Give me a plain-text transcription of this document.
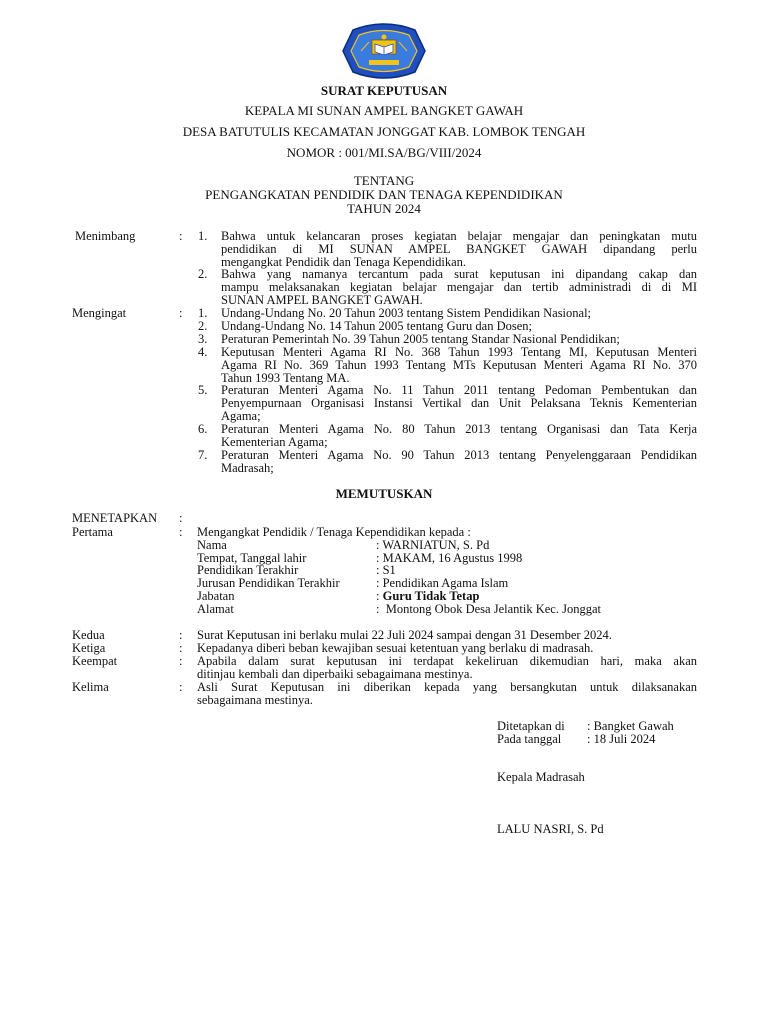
SURAT KEPUTUSAN
KEPALA MI SUNAN AMPEL BANGKET GAWAH
DESA BATUTULIS KECAMATAN JONGGAT KAB. LOMBOK TENGAH
NOMOR : 001/MI.SA/BG/VIII/2024
TENTANG
PENGANGKATAN PENDIDIK DAN TENAGA KEPENDIDIKAN
TAHUN 2024
Menimbang	: 1. Bahwa untuk kelancaran proses kegiatan belajar mengajar dan peningkatan mutu
pendidikan di MI SUNAN AMPEL BANGKET GAWAH dipandang perlu
mengangkat Pendidik dan Tenaga Kependidikan.
2. Bahwa yang namanya tercantum pada surat keputusan ini dipandang cakap dan
mampu melaksanakan kegiatan belajar mengajar dan tertib administradi di di MI
SUNAN AMPEL BANGKET GAWAH.
Mengingat	: 1. Undang-Undang No. 20 Tahun 2003 tentang Sistem Pendidikan Nasional;
2. Undang-Undang No. 14 Tahun 2005 tentang Guru dan Dosen;
3. Peraturan Pemerintah No. 39 Tahun 2005 tentang Standar Nasional Pendidikan;
4. Keputusan Menteri Agama RI No. 368 Tahun 1993 Tentang MI, Keputusan Menteri
Agama RI No. 369 Tahun 1993 Tentang MTs Keputusan Menteri Agama RI No. 370
Tahun 1993 Tentang MA.
5. Peraturan Menteri Agama No. 11 Tahun 2011 tentang Pedoman Pembentukan dan
Penyempurnaan Organisasi Instansi Vertikal dan Unit Pelaksana Teknis Kementerian
Agama;
6. Peraturan Menteri Agama No. 80 Tahun 2013 tentang Organisasi dan Tata Kerja
Kementerian Agama;
7. Peraturan Menteri Agama No. 90 Tahun 2013 tentang Penyelenggaraan Pendidikan
Madrasah;
MEMUTUSKAN
MENETAPKAN :
Pertama	: Mengangkat Pendidik / Tenaga Kependidikan kepada :
Nama	: WARNIATUN, S. Pd
Tempat, Tanggal lahir	: MAKAM, 16 Agustus 1998
Pendidikan Terakhir	: S1
Jurusan Pendidikan Terakhir	: Pendidikan Agama Islam
Jabatan	: Guru Tidak Tetap
Alamat	:  Montong Obok Desa Jelantik Kec. Jonggat
Kedua	: Surat Keputusan ini berlaku mulai 22 Juli 2024 sampai dengan 31 Desember 2024.
Ketiga	: Kepadanya diberi beban kewajiban sesuai ketentuan yang berlaku di madrasah.
Keempat	: Apabila dalam surat keputusan ini terdapat kekeliruan dikemudian hari, maka akan
ditinjau kembali dan diperbaiki sebagaimana mestinya.
Kelima	: Asli Surat Keputusan ini diberikan kepada yang bersangkutan untuk dilaksanakan
sebagaimana mestinya.
Ditetapkan di : Bangket Gawah
Pada tanggal : 18 Juli 2024
Kepala Madrasah
LALU NASRI, S. Pd
